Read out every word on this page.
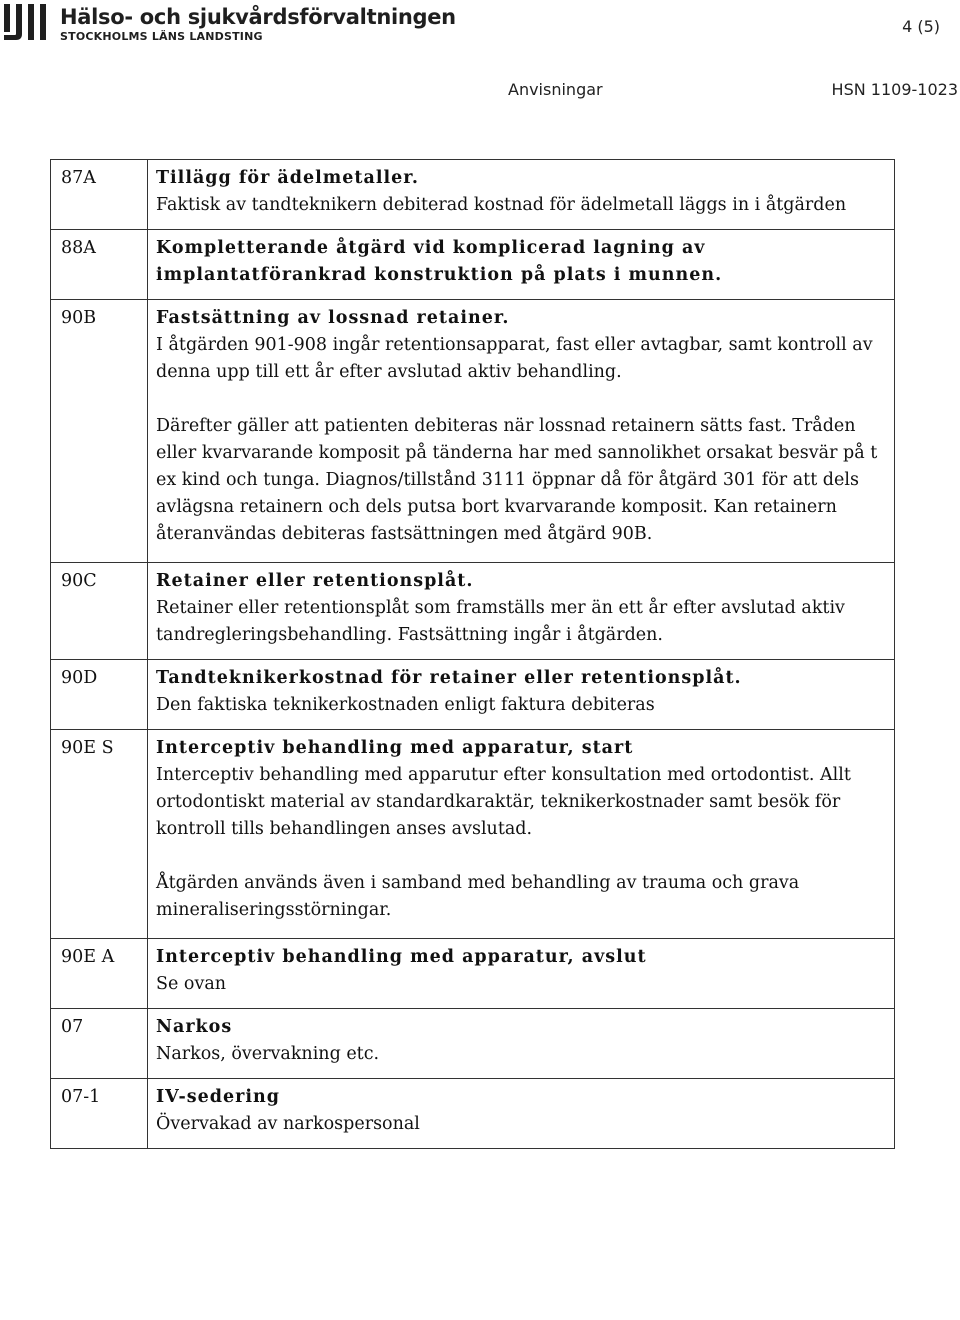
Hälso- och sjukvårdsförvaltningen
STOCKHOLMS LÄNS LANDSTING
4 (5)
Anvisningar	HSN 1109-1023
87A	Tillägg för ädelmetaller.

Faktisk av tandteknikern debiterad kostnad för ädelmetall läggs in i åtgärden

88A	Kompletterande åtgärd vid komplicerad lagning av implantatförankrad konstruktion på plats i munnen.

90B	Fastsättning av lossnad retainer.

I åtgärden 901-908 ingår retentionsapparat, fast eller avtagbar, samt kontroll av denna upp till ett år efter avslutad aktiv behandling.

Därefter gäller att patienten debiteras när lossnad retainern sätts fast. Tråden eller kvarvarande komposit på tänderna har med sannolikhet orsakat besvär på t ex kind och tunga. Diagnos/tillstånd 3111 öppnar då för åtgärd 301 för att dels avlägsna retainern och dels putsa bort kvarvarande komposit. Kan retainern återanvändas debiteras fastsättningen med åtgärd 90B.

90C	Retainer eller retentionsplåt.

Retainer eller retentionsplåt som framställs mer än ett år efter avslutad aktiv tandregleringsbehandling. Fastsättning ingår i åtgärden.

90D	Tandteknikerkostnad för retainer eller retentionsplåt.

Den faktiska teknikerkostnaden enligt faktura debiteras

90E S	Interceptiv behandling med apparatur, start

Interceptiv behandling med apparutur efter konsultation med ortodontist. Allt ortodontiskt material av standardkaraktär, teknikerkostnader samt besök för kontroll tills behandlingen anses avslutad.

Åtgärden används även i samband med behandling av trauma och grava mineraliseringsstörningar.

90E A	Interceptiv behandling med apparatur, avslut

Se ovan

07	Narkos

Narkos, övervakning etc.

07-1	IV-sedering

Övervakad av narkospersonal
